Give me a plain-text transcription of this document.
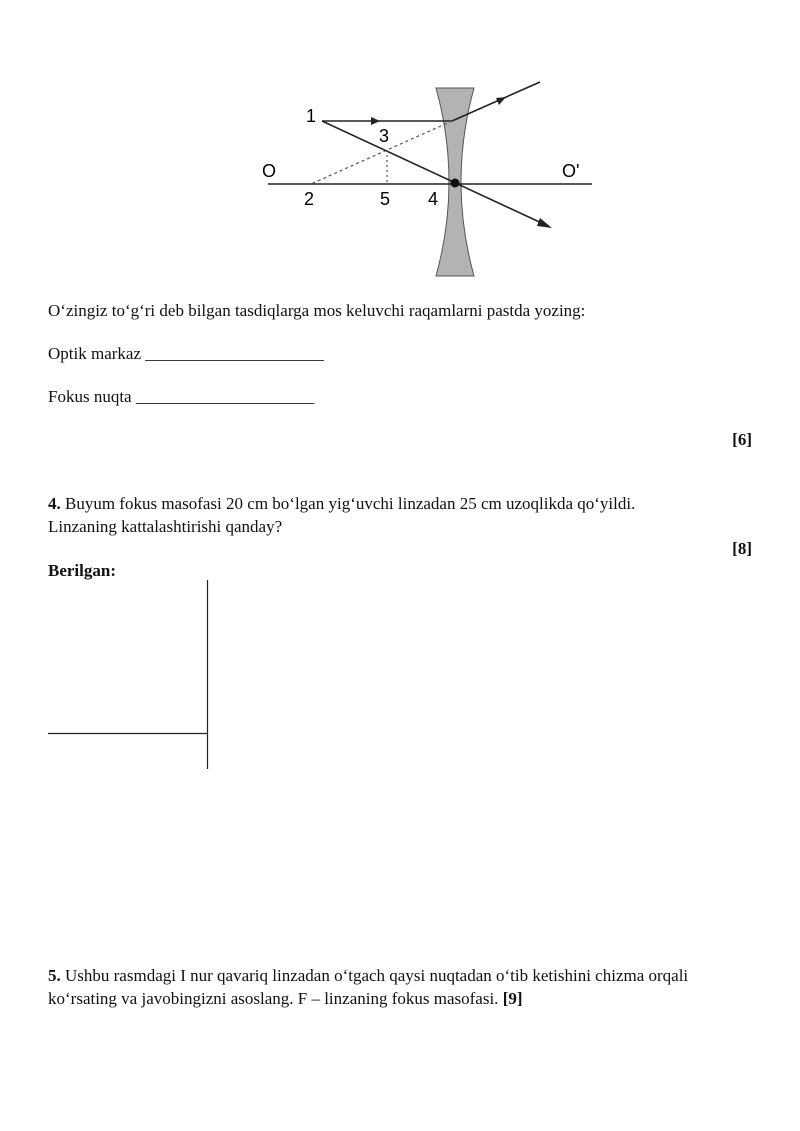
1
3
2	5 4
O	O'
O‘zingiz to‘g‘ri deb bilgan tasdiqlarga mos keluvchi raqamlarni pastda yozing:
Optik markaz _____________________
Fokus nuqta _____________________
[6]
4. Buyum fokus masofasi 20 cm bo‘lgan yig‘uvchi linzadan 25 cm uzoqlikda qo‘yildi.
Linzaning kattalashtirishi qanday?
[8]
Berilgan:
5. Ushbu rasmdagi I nur qavariq linzadan o‘tgach qaysi nuqtadan o‘tib ketishini chizma orqali
ko‘rsating va javobingizni asoslang. F – linzaning fokus masofasi. [9]
